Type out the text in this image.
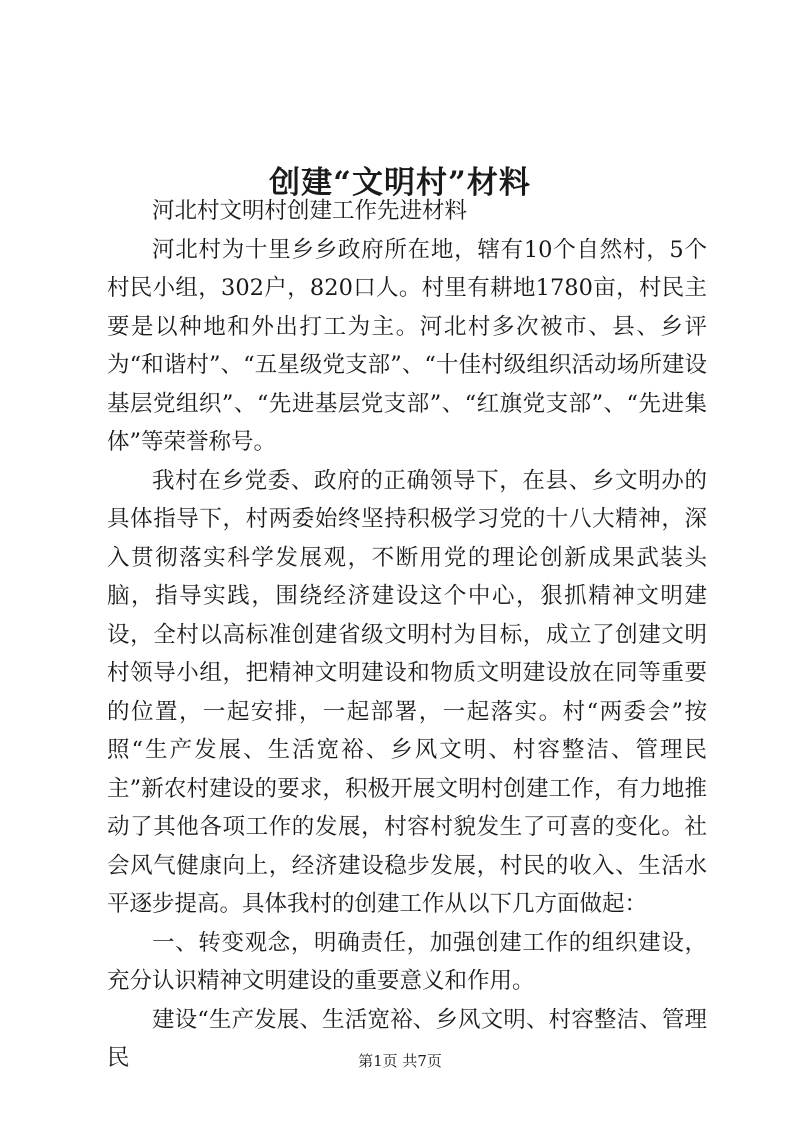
创建“文明村”材料

河北村文明村创建工作先进材料

河北村为十里乡乡政府所在地，辖有10个自然村，5个村民小组，302户，820口人。村里有耕地1780亩，村民主要是以种地和外出打工为主。河北村多次被市、县、乡评为“和谐村”、“五星级党支部”、“十佳村级组织活动场所建设基层党组织”、“先进基层党支部”、“红旗党支部”、“先进集体”等荣誉称号。

我村在乡党委、政府的正确领导下，在县、乡文明办的具体指导下，村两委始终坚持积极学习党的十八大精神，深入贯彻落实科学发展观，不断用党的理论创新成果武装头脑，指导实践，围绕经济建设这个中心，狠抓精神文明建设，全村以高标准创建省级文明村为目标，成立了创建文明村领导小组，把精神文明建设和物质文明建设放在同等重要的位置，一起安排，一起部署，一起落实。村“两委会”按照“生产发展、生活宽裕、乡风文明、村容整洁、管理民主”新农村建设的要求，积极开展文明村创建工作，有力地推动了其他各项工作的发展，村容村貌发生了可喜的变化。社会风气健康向上，经济建设稳步发展，村民的收入、生活水平逐步提高。具体我村的创建工作从以下几方面做起：

一、转变观念，明确责任，加强创建工作的组织建设，充分认识精神文明建设的重要意义和作用。

建设“生产发展、生活宽裕、乡风文明、村容整洁、管理民	第1页 共7页
